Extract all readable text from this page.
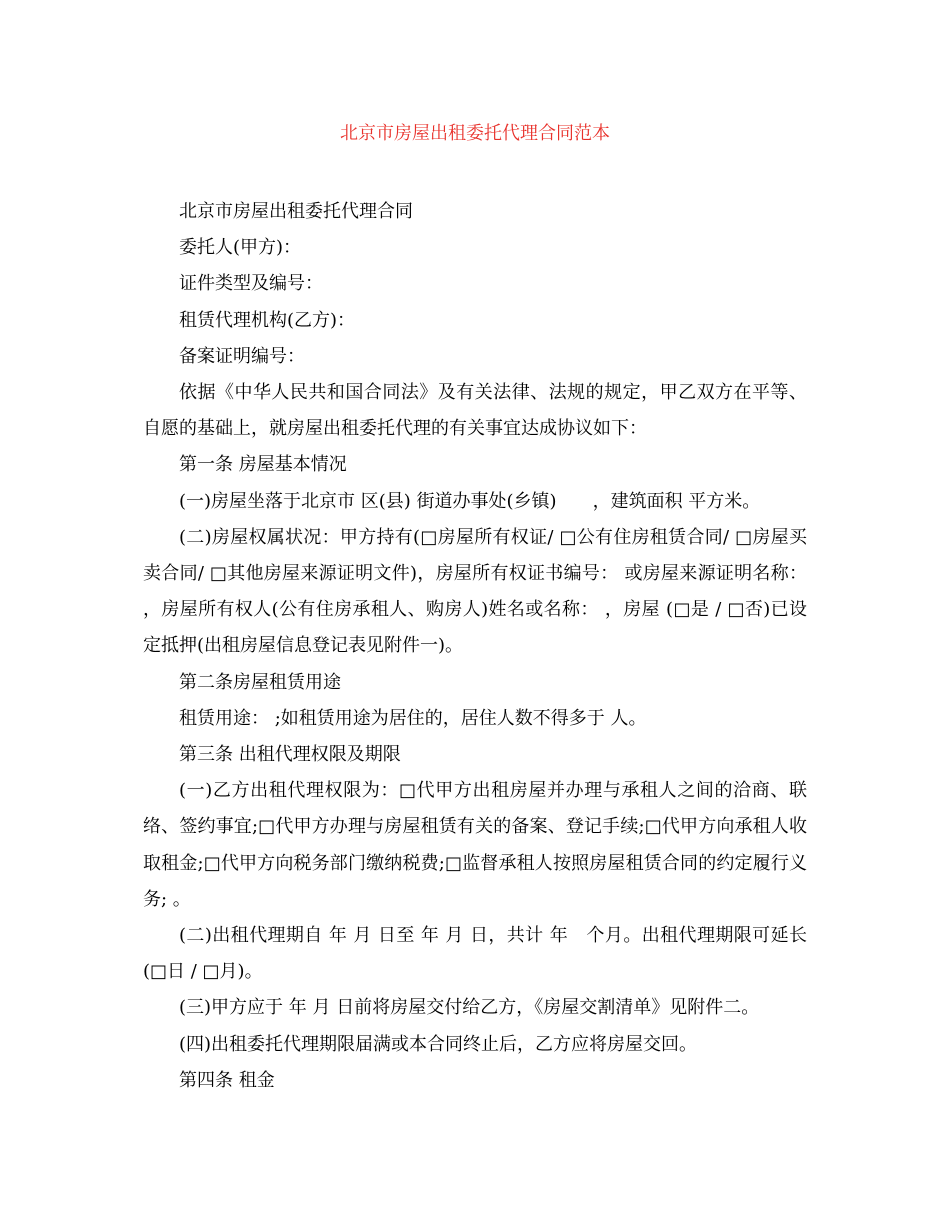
北京市房屋出租委托代理合同范本

北京市房屋出租委托代理合同

委托人(甲方)：

证件类型及编号：

租赁代理机构(乙方)：

备案证明编号：

依据《中华人民共和国合同法》及有关法律、法规的规定，甲乙双方在平等、自愿的基础上，就房屋出租委托代理的有关事宜达成协议如下：

第一条 房屋基本情况

(一)房屋坐落于北京市 区(县) 街道办事处(乡镇)　　，建筑面积 平方米。

(二)房屋权属状况：甲方持有(□房屋所有权证/ □公有住房租赁合同/ □房屋买卖合同/ □其他房屋来源证明文件)，房屋所有权证书编号： 或房屋来源证明名称： ，房屋所有权人(公有住房承租人、购房人)姓名或名称： ，房屋 (□是 / □否)已设定抵押(出租房屋信息登记表见附件一)。

第二条房屋租赁用途

租赁用途： ;如租赁用途为居住的，居住人数不得多于 人。

第三条 出租代理权限及期限

(一)乙方出租代理权限为：□代甲方出租房屋并办理与承租人之间的洽商、联络、签约事宜;□代甲方办理与房屋租赁有关的备案、登记手续;□代甲方向承租人收取租金;□代甲方向税务部门缴纳税费;□监督承租人按照房屋租赁合同的约定履行义务; 。

(二)出租代理期自 年 月 日至 年 月 日，共计 年　个月。出租代理期限可延长(□日 / □月)。

(三)甲方应于 年 月 日前将房屋交付给乙方，《房屋交割清单》见附件二。

(四)出租委托代理期限届满或本合同终止后，乙方应将房屋交回。

第四条 租金
